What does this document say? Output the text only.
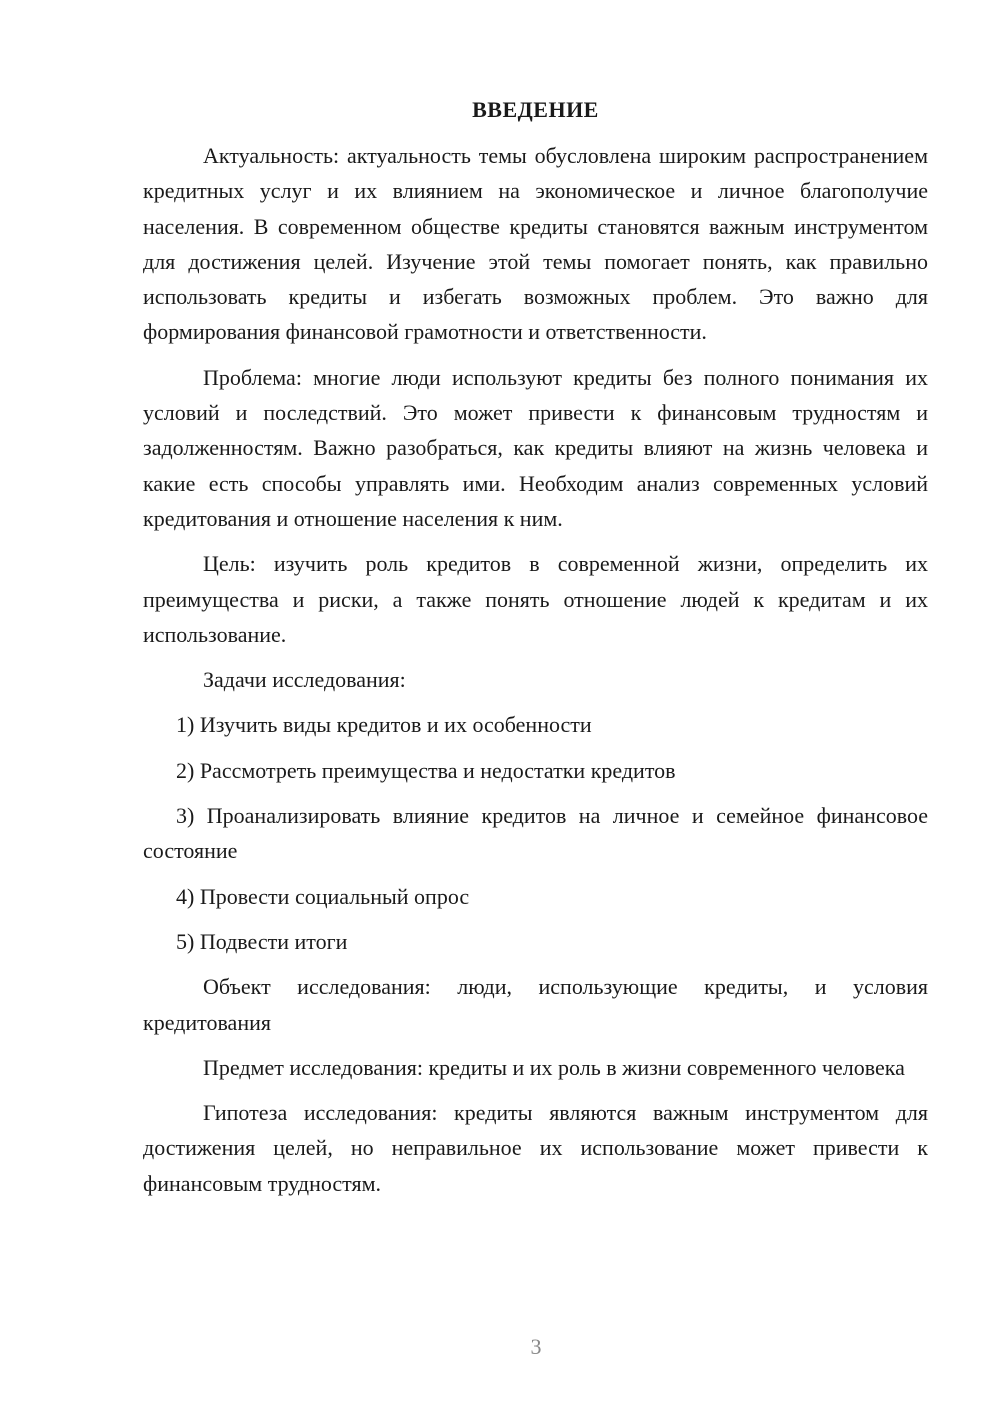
ВВЕДЕНИЕ

Актуальность: актуальность темы обусловлена широким распространением кредитных услуг и их влиянием на экономическое и личное благополучие населения. В современном обществе кредиты становятся важным инструментом для достижения целей. Изучение этой темы помогает понять, как правильно использовать кредиты и избегать возможных проблем. Это важно для формирования финансовой грамотности и ответственности.

Проблема: многие люди используют кредиты без полного понимания их условий и последствий. Это может привести к финансовым трудностям и задолженностям. Важно разобраться, как кредиты влияют на жизнь человека и какие есть способы управлять ими. Необходим анализ современных условий кредитования и отношение населения к ним.

Цель: изучить роль кредитов в современной жизни, определить их преимущества и риски, а также понять отношение людей к кредитам и их использование.

Задачи исследования:

1) Изучить виды кредитов и их особенности

2) Рассмотреть преимущества и недостатки кредитов

3) Проанализировать влияние кредитов на личное и семейное финансовое состояние

4) Провести социальный опрос

5) Подвести итоги

Объект исследования: люди, использующие кредиты, и условия кредитования

Предмет исследования: кредиты и их роль в жизни современного человека

Гипотеза исследования: кредиты являются важным инструментом для достижения целей, но неправильное их использование может привести к финансовым трудностям.

3
